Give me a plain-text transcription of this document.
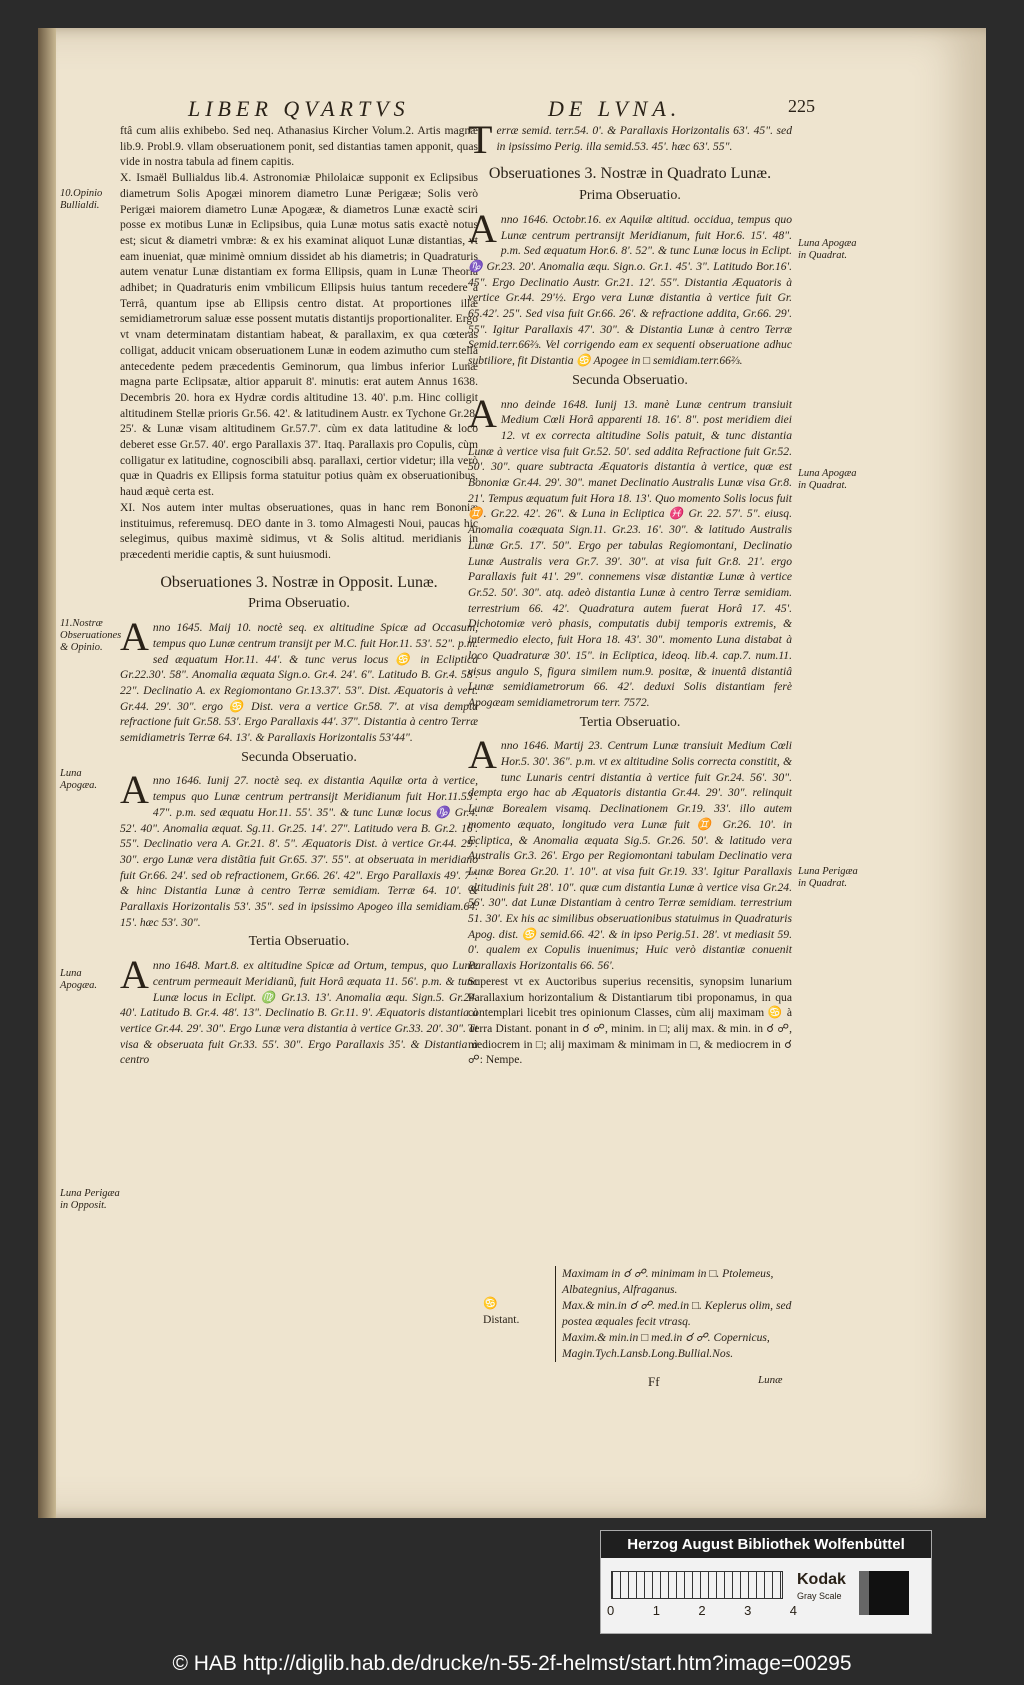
LIBER QVARTVS	DE LVNA.	225
10.Opinio Bullialdi.
11.Nostræ Obseruationes & Opinio.
Luna Apogæa.
Luna Apogæa.
Luna Perigæa in Opposit.

ftâ cum aliis exhibebo. Sed neq. Athanasius Kircher Volum.2. Artis magnæ lib.9. Probl.9. vllam obseruationem ponit, sed distantias tamen apponit, quas vide in nostra tabula ad finem capitis.

X. Ismaël Bullialdus lib.4. Astronomiæ Philolaicæ supponit ex Eclipsibus diametrum Solis Apogæi minorem diametro Lunæ Perigææ; Solis verò Perigæi maiorem diametro Lunæ Apogææ, & diametros Lunæ exactè sciri posse ex motibus Lunæ in Eclipsibus, quia Lunæ motus satis exactè notus est; sicut & diametri vmbræ: & ex his examinat aliquot Lunæ distantias, vt eam inueniat, quæ minimè omnium dissidet ab his diametris; in Quadraturis autem venatur Lunæ distantiam ex forma Ellipsis, quam in Lunæ Theoria adhibet; in Quadraturis enim vmbilicum Ellipsis huius tantum recedere à Terrâ, quantum ipse ab Ellipsis centro distat. At proportiones illæ semidiametrorum saluæ esse possent mutatis distantijs proportionaliter. Ergo vt vnam determinatam distantiam habeat, & parallaxim, ex qua cœteras colligat, adducit vnicam obseruationem Lunæ in eodem azimutho cum stella antecedente pedem præcedentis Geminorum, qua limbus inferior Lunæ magna parte Eclipsatæ, altior apparuit 8'. minutis: erat autem Annus 1638. Decembris 20. hora ex Hydræ cordis altitudine 13. 40'. p.m. Hinc colligit altitudinem Stellæ prioris Gr.56. 42'. & latitudinem Austr. ex Tychone Gr.28. 25'. & Lunæ visam altitudinem Gr.57.7'. cùm ex data latitudine & loco deberet esse Gr.57. 40'. ergo Parallaxis 37'. Itaq. Parallaxis pro Copulis, cùm colligatur ex latitudine, cognoscibili absq. parallaxi, certior videtur; illa verò quæ in Quadris ex Ellipsis forma statuitur potius quàm ex obseruationibus, haud æquè certa est.

XI. Nos autem inter multas obseruationes, quas in hanc rem Bononiæ instituimus, referemusq. DEO dante in 3. tomo Almagesti Noui, paucas hic selegimus, quibus maximè sidimus, vt & Solis altitud. meridianis in præcedenti meridie captis, & sunt huiusmodi.

Obseruationes 3. Nostræ in Opposit. Lunæ.
Prima Obseruatio.

Anno 1645. Maij 10. noctè seq. ex altitudine Spicæ ad Occasum, tempus quo Lunæ centrum transijt per M.C. fuit Hor.11. 53'. 52". p.m. sed æquatum Hor.11. 44'. & tunc verus locus ♋ in Ecliptica Gr.22.30'. 58". Anomalia æquata Sign.o. Gr.4. 24'. 6". Latitudo B. Gr.4. 58'. 22". Declinatio A. ex Regiomontano Gr.13.37'. 53". Dist. Æquatoris à vert. Gr.44. 29'. 30". ergo ♋ Dist. vera a vertice Gr.58. 7'. at visa dempta refractione fuit Gr.58. 53'. Ergo Parallaxis 44'. 37". Distantia à centro Terræ semidiametris Terræ 64. 13'. & Parallaxis Horizontalis 53'44".

Secunda Obseruatio.

Anno 1646. Iunij 27. noctè seq. ex distantia Aquilæ orta à vertice, tempus quo Lunæ centrum pertransijt Meridianum fuit Hor.11.53'. 47". p.m. sed æquatu Hor.11. 55'. 35". & tunc Lunæ locus ♑ Gr.4. 52'. 40". Anomalia æquat. Sg.11. Gr.25. 14'. 27". Latitudo vera B. Gr.2. 16'. 55". Declinatio vera A. Gr.21. 8'. 5". Æquatoris Dist. à vertice Gr.44. 29'. 30". ergo Lunæ vera distãtia fuit Gr.65. 37'. 55". at obseruata in meridiano fuit Gr.66. 24'. sed ob refractionem, Gr.66. 26'. 42". Ergo Parallaxis 49'. 7". & hinc Distantia Lunæ à centro Terræ semidiam. Terræ 64. 10'. & Parallaxis Horizontalis 53'. 35". sed in ipsissimo Apogeo illa semidiam.64. 15'. hæc 53'. 30".

Tertia Obseruatio.

Anno 1648. Mart.8. ex altitudine Spicæ ad Ortum, tempus, quo Lunæ centrum permeauit Meridianũ, fuit Horâ æquata 11. 56'. p.m. & tunc Lunæ locus in Eclipt. ♍ Gr.13. 13'. Anomalia æqu. Sign.5. Gr.24. 40'. Latitudo B. Gr.4. 48'. 13". Declinatio B. Gr.11. 9'. Æquatoris distantia à vertice Gr.44. 29'. 30". Ergo Lunæ vera distantia à vertice Gr.33. 20'. 30". at visa & obseruata fuit Gr.33. 55'. 30". Ergo Parallaxis 35'. & Distantia à centro

Luna Apogæa in Quadrat.
Luna Apogæa in Quadrat.
Luna Perigæa in Quadrat.

Terræ semid. terr.54. 0'. & Parallaxis Horizontalis 63'. 45". sed in ipsissimo Perig. illa semid.53. 45'. hæc 63'. 55".

Obseruationes 3. Nostræ in Quadrato Lunæ.
Prima Obseruatio.

Anno 1646. Octobr.16. ex Aquilæ altitud. occidua, tempus quo Lunæ centrum pertransijt Meridianum, fuit Hor.6. 15'. 48". p.m. Sed æquatum Hor.6. 8'. 52". & tunc Lunæ locus in Eclipt. ♑ Gr.23. 20'. Anomalia æqu. Sign.o. Gr.1. 45'. 3". Latitudo Bor.16'. 45". Ergo Declinatio Austr. Gr.21. 12'. 55". Distantia Æquatoris à vertice Gr.44. 29'½. Ergo vera Lunæ distantia à vertice fuit Gr. 65.42'. 25". Sed visa fuit Gr.66. 26'. & refractione addita, Gr.66. 29'. 55". Igitur Parallaxis 47'. 30". & Distantia Lunæ à centro Terræ Semid.terr.66⅔. Vel corrigendo eam ex sequenti obseruatione adhuc subtiliore, fit Distantia ♋ Apogee in □ semidiam.terr.66⅔.

Secunda Obseruatio.

Anno deinde 1648. Iunij 13. manè Lunæ centrum transiuit Medium Cœli Horâ apparenti 18. 16'. 8". post meridiem diei 12. vt ex correcta altitudine Solis patuit, & tunc distantia Lunæ à vertice visa fuit Gr.52. 50'. sed addita Refractione fuit Gr.52. 50'. 30". quare subtracta Æquatoris distantia à vertice, quæ est Bononiæ Gr.44. 29'. 30". manet Declinatio Australis Lunæ visa Gr.8. 21'. Tempus æquatum fuit Hora 18. 13'. Quo momento Solis locus fuit ♊. Gr.22. 42'. 26". & Luna in Ecliptica ♓ Gr. 22. 57'. 5". eiusq. Anomalia coæquata Sign.11. Gr.23. 16'. 30". & latitudo Australis Lunæ Gr.5. 17'. 50". Ergo per tabulas Regiomontani, Declinatio Lunæ Australis vera Gr.7. 39'. 30". at visa fuit Gr.8. 21'. ergo Parallaxis fuit 41'. 29". connemens visæ distantiæ Lunæ à vertice Gr.52. 50'. 30". atq. adeò distantia Lunæ à centro Terræ semidiam. terrestrium 66. 42'. Quadratura autem fuerat Horâ 17. 45'. Dichotomiæ verò phasis, computatis dubij temporis extremis, & intermedio electo, fuit Hora 18. 43'. 30". momento Luna distabat à loco Quadraturæ 30'. 15". in Ecliptica, ideoq. lib.4. cap.7. num.11. visus angulo S, figura similem num.9. positæ, & inuentâ distantiâ Lunæ semidiametrorum 66. 42'. deduxi Solis distantiam ferè Apogæam semidiametrorum terr. 7572.

Tertia Obseruatio.

Anno 1646. Martij 23. Centrum Lunæ transiuit Medium Cœli Hor.5. 30'. 36". p.m. vt ex altitudine Solis correcta constitit, & tunc Lunaris centri distantia à vertice fuit Gr.24. 56'. 30". dempta ergo hac ab Æquatoris distantia Gr.44. 29'. 30". relinquit Lunæ Borealem visamq. Declinationem Gr.19. 33'. illo autem momento æquato, longitudo vera Lunæ fuit ♊ Gr.26. 10'. in Ecliptica, & Anomalia æquata Sig.5. Gr.26. 50'. & latitudo vera Australis Gr.3. 26'. Ergo per Regiomontani tabulam Declinatio vera Lunæ Borea Gr.20. 1'. 10". at visa fuit Gr.19. 33'. Igitur Parallaxis altitudinis fuit 28'. 10". quæ cum distantia Lunæ à vertice visa Gr.24. 56'. 30". dat Lunæ Distantiam à centro Terræ semidiam. terrestrium 51. 30'. Ex his ac similibus obseruationibus statuimus in Quadraturis Apog. dist. ♋ semid.66. 42'. & in ipso Perig.51. 28'. vt mediasit 59. 0'. qualem ex Copulis inuenimus; Huic verò distantiæ conuenit Parallaxis Horizontalis 66. 56'.

Superest vt ex Auctoribus superius recensitis, synopsim lunarium Parallaxium horizontalium & Distantiarum tibi proponamus, in qua contemplari licebit tres opinionum Classes, cùm alij maximam ♋ à Terra Distant. ponant in ☌ ☍, minim. in □; alij max. & min. in ☌ ☍, mediocrem in □; alij maximam & minimam in □, & mediocrem in ☌ ☍: Nempe.

♋ Distant.
Maximam in ☌ ☍. minimam in □. Ptolemeus, Albategnius, Alfraganus.
Max.& min.in ☌ ☍. med.in □. Keplerus olim, sed postea æquales fecit vtrasq.
Maxim.& min.in □ med.in ☌ ☍. Copernicus, Magin.Tych.Lansb.Long.Bullial.Nos.
Ff	Lunæ
Herzog August Bibliothek Wolfenbüttel
0	1	2	3	4
Kodak
Gray Scale
© HAB http://diglib.hab.de/drucke/n-55-2f-helmst/start.htm?image=00295
